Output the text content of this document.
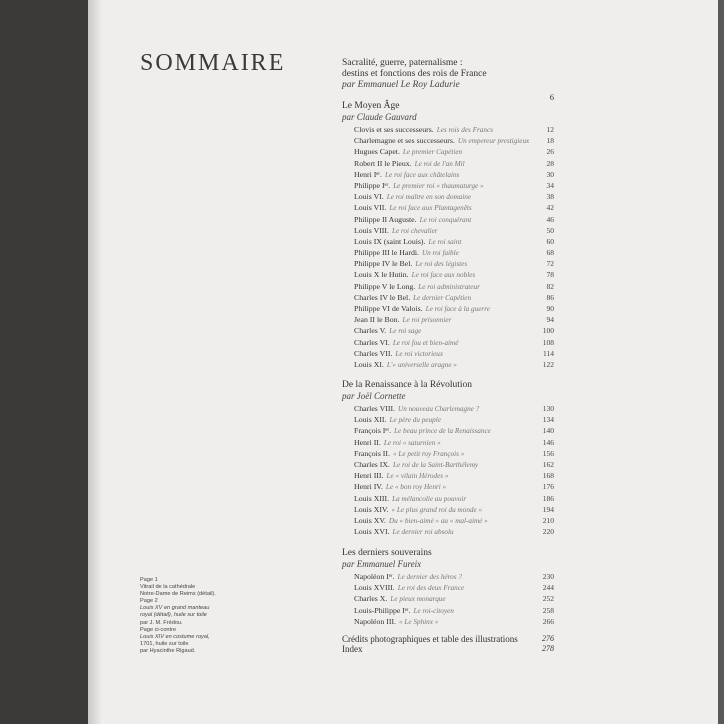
SOMMAIRE	Sacralité, guerre, paternalisme :
destins et fonctions des rois de France
par Emmanuel Le Roy Ladurie
6
Le Moyen Âge
par Claude Gauvard
Clovis et ses successeurs. Les rois des Francs	12
Charlemagne et ses successeurs. Un empereur prestigieux 18
Hugues Capet. Le premier Capétien	26
Robert II le Pieux. Le roi de l'an Mil	28
Henri Iᵉʳ. Le roi face aux châtelains	30
Philippe Iᵉʳ. Le premier roi « thaumaturge »	34
Louis VI. Le roi maître en son domaine	38
Louis VII. Le roi face aux Plantagenêts	42
Philippe II Auguste. Le roi conquérant	46
Louis VIII. Le roi chevalier	50
Louis IX (saint Louis). Le roi saint	60
Philippe III le Hardi. Un roi faible	68
Philippe IV le Bel. Le roi des légistes	72
Louis X le Hutin. Le roi face aux nobles	78
Philippe V le Long. Le roi administrateur	82
Charles IV le Bel. Le dernier Capétien	86
Philippe VI de Valois. Le roi face à la guerre	90
Jean II le Bon. Le roi prisonnier	94
Charles V. Le roi sage	100
Charles VI. Le roi fou et bien-aimé	108
Charles VII. Le roi victorieux	114
Louis XI. L'« universelle aragne »	122
De la Renaissance à la Révolution
par Joël Cornette
Charles VIII. Un nouveau Charlemagne ?	130
Louis XII. Le père du peuple	134
François Iᵉʳ. Le beau prince de la Renaissance	140
Henri II. Le roi « saturnien »	146
François II. « Le petit roy François »	156
Charles IX. Le roi de la Saint-Barthélemy	162
Henri III. Le « vilain Hérodes »	168
Henri IV. Le « bon roy Henri »	176
Louis XIII. La mélancolie au pouvoir	186
Louis XIV. « Le plus grand roi du monde »	194
Louis XV. Du « bien-aimé » au « mal-aimé »	210
Louis XVI. Le dernier roi absolu	220
Les derniers souverains
par Emmanuel Fureix
Napoléon Iᵉʳ. Le dernier des héros ?	230
Louis XVIII. Le roi des deux France	244
Charles X. Le pieux monarque	252
Louis-Philippe Iᵉʳ. Le roi-citoyen	258
Napoléon III. « Le Sphinx »	266
Crédits photographiques et table des illustrations	276
Index	278
Page 1
Vitrail de la cathédrale
Notre-Dame de Reims (détail).
Page 2
Louis XV en grand manteau
royal (détail), huile sur toile
par J. M. Frédou.
Page ci-contre
Louis XIV en costume royal,
1701, huile sur toile
par Hyacinthe Rigaud.
